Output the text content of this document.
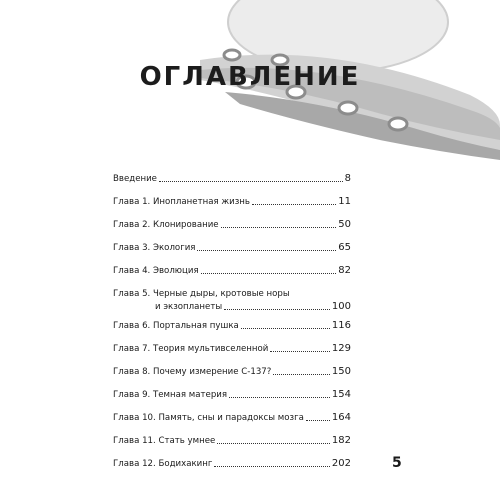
ОГЛАВЛЕНИЕ
Введение	8
Глава 1. Инопланетная жизнь	11
Глава 2. Клонирование	50
Глава 3. Экология	65
Глава 4. Эволюция	82
Глава 5. Черные дыры, кротовые норы
и экзопланеты	100
Глава 6. Портальная пушка	116
Глава 7. Теория мультивселенной	129
Глава 8. Почему измерение С-137?	150
Глава 9. Темная материя	154
Глава 10. Память, сны и парадоксы мозга	164
Глава 11. Стать умнее	182
Глава 12. Бодихакинг	202	5
